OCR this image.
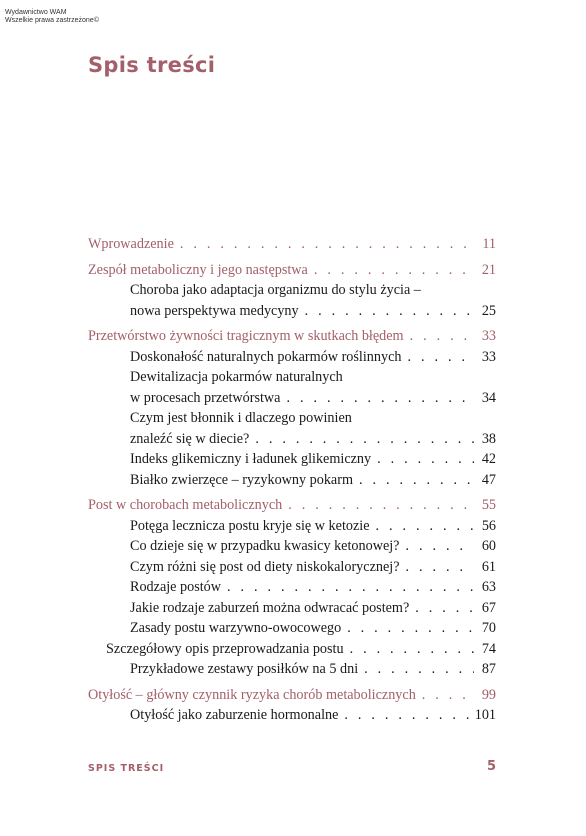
Wydawnictwo WAM
Wszelkie prawa zastrzeżone©
Spis treści
Wprowadzenie . . .	11
Zespół metaboliczny i jego następstwa . . .	21
Choroba jako adaptacja organizmu do stylu życia –
nowa perspektywa medycyny . . .	25
Przetwórstwo żywności tragicznym w skutkach błędem . . .	33
Doskonałość naturalnych pokarmów roślinnych . . .	33
Dewitalizacja pokarmów naturalnych
w procesach przetwórstwa . . .	34
Czym jest błonnik i dlaczego powinien
znaleźć się w diecie? . . .	38
Indeks glikemiczny i ładunek glikemiczny . . .	42
Białko zwierzęce – ryzykowny pokarm . . .	47
Post w chorobach metabolicznych . . .	55
Potęga lecznicza postu kryje się w ketozie . . .	56
Co dzieje się w przypadku kwasicy ketonowej? . . .	60
Czym różni się post od diety niskokalorycznej? . . .	61
Rodzaje postów . . .	63
Jakie rodzaje zaburzeń można odwracać postem? . . .	67
Zasady postu warzywno-owocowego . . .	70
Szczegółowy opis przeprowadzania postu . . .	74
Przykładowe zestawy posiłków na 5 dni . . .	87
Otyłość – główny czynnik ryzyka chorób metabolicznych . . .	99
Otyłość jako zaburzenie hormonalne . . .	101
SPIS TREŚCI	5
